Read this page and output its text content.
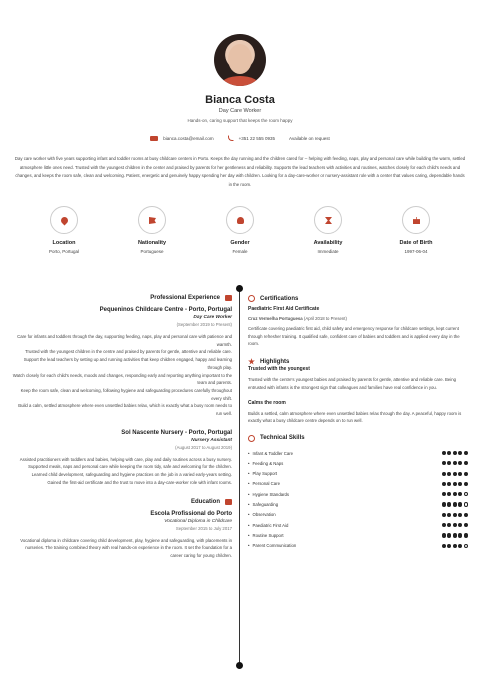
Bianca Costa
Day Care Worker
Hands-on, caring support that keeps the room happy
bianca.costa@email.com	+351 22 555 0935	Available on request

Day care worker with five years supporting infant and toddler rooms at busy childcare centers in Porto. Keeps the day running and the children cared for -- helping with feeding, naps, play and personal care while building the warm, settled atmosphere little ones need. Trusted with the youngest children in the center and praised by parents for her gentleness and reliability. Supports the lead teachers with activities and routines, watches closely for each child's needs and changes, and keeps the room safe, clean and welcoming. Patient, energetic and genuinely happy spending her day with children. Looking for a day-care-worker or nursery-assistant role with a center that values caring, dependable hands in the room.

Location
Porto, Portugal
Nationality
Portuguese
Gender
Female
Availability
Immediate
Date of Birth
1997-06-04
Professional Experience
Pequeninos Childcare Centre - Porto, Portugal
Day Care Worker
(September 2019 to Present)
Care for infants and toddlers through the day, supporting feeding, naps, play and personal care with patience and warmth.
Trusted with the youngest children in the centre and praised by parents for gentle, attentive and reliable care.
Support the lead teachers by setting up and running activities that keep children engaged, happy and learning through play.
Watch closely for each child's needs, moods and changes, responding early and reporting anything important to the team and parents.
Keep the room safe, clean and welcoming, following hygiene and safeguarding procedures carefully throughout every shift.
Build a calm, settled atmosphere where even unsettled babies relax, which is exactly what a busy room needs to run well.
Sol Nascente Nursery - Porto, Portugal
Nursery Assistant
(August 2017 to August 2019)
Assisted practitioners with toddlers and babies, helping with care, play and daily routines across a busy nursery.
Supported meals, naps and personal care while keeping the room tidy, safe and welcoming for the children.
Learned child development, safeguarding and hygiene practices on the job in a varied early-years setting.
Gained the first-aid certificate and the trust to move into a day-care-worker role with infant rooms.
Education
Escola Profissional do Porto
Vocational Diploma in Childcare
September 2015 to July 2017
Vocational diploma in childcare covering child development, play, hygiene and safeguarding, with placements in nurseries. The training combined theory with real hands-on experience in the room. It set the foundation for a career caring for young children.
Certifications
Paediatric First Aid Certificate
Cruz Vermelha Portuguesa (April 2018 to Present)
Certificate covering paediatric first aid, child safety and emergency response for childcare settings, kept current through refresher training. It qualified safe, confident care of babies and toddlers and is applied every day in the room.
Highlights
Trusted with the youngest
Trusted with the centre's youngest babies and praised by parents for gentle, attentive and reliable care. Being entrusted with infants is the strongest sign that colleagues and families have real confidence in you.
Calms the room
Builds a settled, calm atmosphere where even unsettled babies relax through the day. A peaceful, happy room is exactly what a busy childcare centre depends on to run well.
Technical Skills
• Infant & Toddler Care
• Feeding & Naps
• Play Support
• Personal Care
• Hygiene Standards
• Safeguarding
• Observation
• Paediatric First Aid
• Routine Support
• Parent Communication
